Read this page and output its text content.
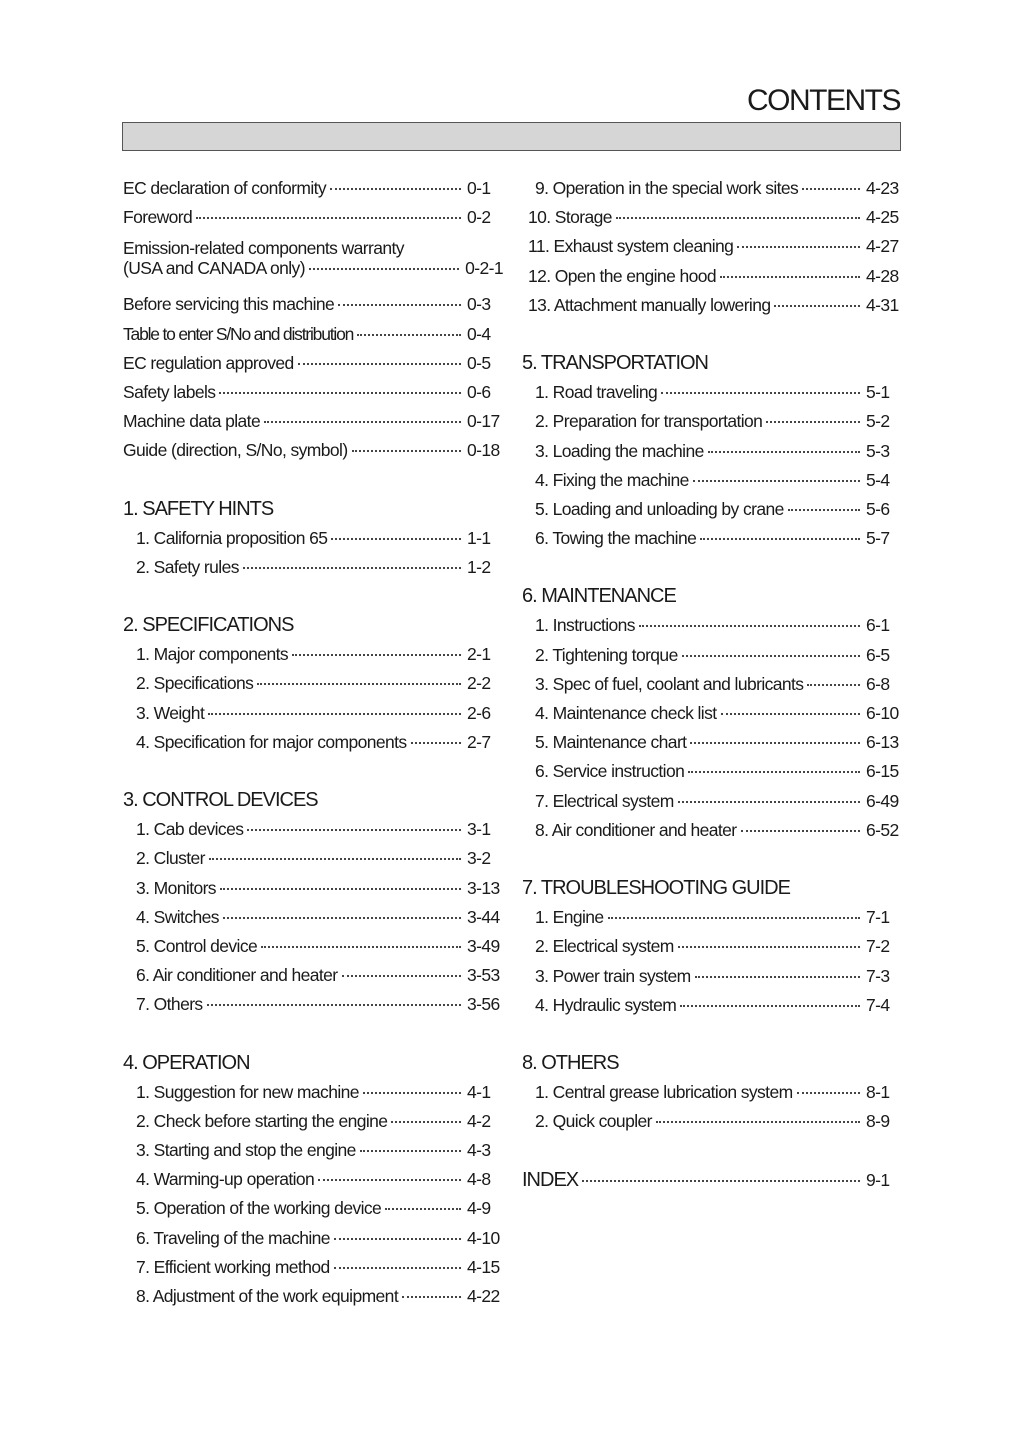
CONTENTS
EC declaration of conformity	0-1
Foreword	0-2
Emission-related components warranty
(USA and CANADA only)	0-2-1
Before servicing this machine	0-3
Table to enter S/No and distribution	0-4
EC regulation approved	0-5
Safety labels	0-6
Machine data plate	0-17
Guide (direction, S/No, symbol)	0-18
1. SAFETY HINTS
1. California proposition 65	1-1
2. Safety rules	1-2
2. SPECIFICATIONS
1. Major components	2-1
2. Specifications	2-2
3. Weight	2-6
4. Specification for major components	2-7
3. CONTROL DEVICES
1. Cab devices	3-1
2. Cluster	3-2
3. Monitors	3-13
4. Switches	3-44
5. Control device	3-49
6. Air conditioner and heater	3-53
7. Others	3-56
4. OPERATION
1. Suggestion for new machine	4-1
2. Check before starting the engine	4-2
3. Starting and stop the engine	4-3
4. Warming-up operation	4-8
5. Operation of the working device	4-9
6. Traveling of the machine	4-10
7. Efficient working method	4-15
8. Adjustment of the work equipment	4-22
9. Operation in the special work sites	4-23
10. Storage	4-25
11. Exhaust system cleaning	4-27
12. Open the engine hood	4-28
13. Attachment manually lowering	4-31
5. TRANSPORTATION
1. Road traveling	5-1
2. Preparation for transportation	5-2
3. Loading the machine	5-3
4. Fixing the machine	5-4
5. Loading and unloading by crane	5-6
6. Towing the machine	5-7
6. MAINTENANCE
1. Instructions	6-1
2. Tightening torque	6-5
3. Spec of fuel, coolant and lubricants	6-8
4. Maintenance check list	6-10
5. Maintenance chart	6-13
6. Service instruction	6-15
7. Electrical system	6-49
8. Air conditioner and heater	6-52
7. TROUBLESHOOTING GUIDE
1. Engine	7-1
2. Electrical system	7-2
3. Power train system	7-3
4. Hydraulic system	7-4
8. OTHERS
1. Central grease lubrication system	8-1
2. Quick coupler	8-9
INDEX	9-1
